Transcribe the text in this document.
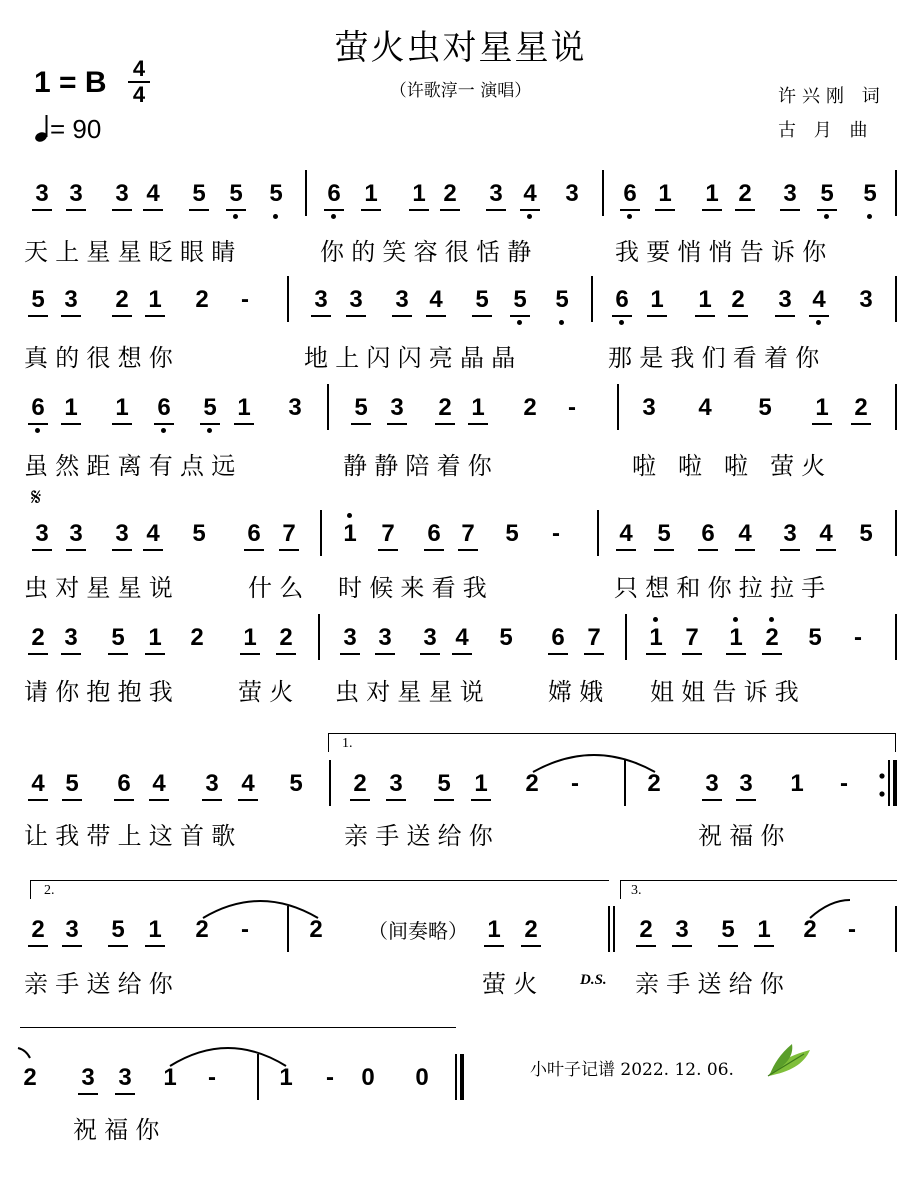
萤火虫对星星说
（许歌淳一 演唱）
1 = B 4
4
= 90
许兴刚 词
古 月 曲
3 3 3 4 5 5 5 6 1 1 2 3 4 3 6 1 1 2 3 5 5
5 3 2 1 2 -	3 3 3 4 5 5 5 6 1 1 2 3 4 3
6 1 1 6 5 1 3 5 3 2 1 2 -	3 4 5 1 2
3 3 3 4 5 6 7 1 7 6 7 5 - 4 5 6 4 3 4 5
2 3 5 1 2 1 2 3 3 3 4 5 6 7 1 7 1 2 5 -
4 5 6 4 3 4 5 2 3 5 1 2 -	2 3 3 1 -
2 3 5 1 2 -	2	1 2	2 3 5 1 2 -
2 3 3 1 -	1 - 0 0
天上星星眨眼睛	你的笑容很恬静	我要悄悄告诉你
真的很想你	地上闪闪亮晶晶	那是我们看着你
虽然距离有点远	静静陪着你	啦 啦 啦 萤火
虫对星星说	什么 时候来看我	只想和你拉拉手
请你抱抱我 萤火 虫对星星说 嫦娥 姐姐告诉我
让我带上这首歌	亲手送给你	祝福你
亲手送给你	萤火	亲手送给你
祝福你
𝄋
（间奏略）
D.S.
1.
2.	3.
小叶子记谱 2022. 12. 06.
